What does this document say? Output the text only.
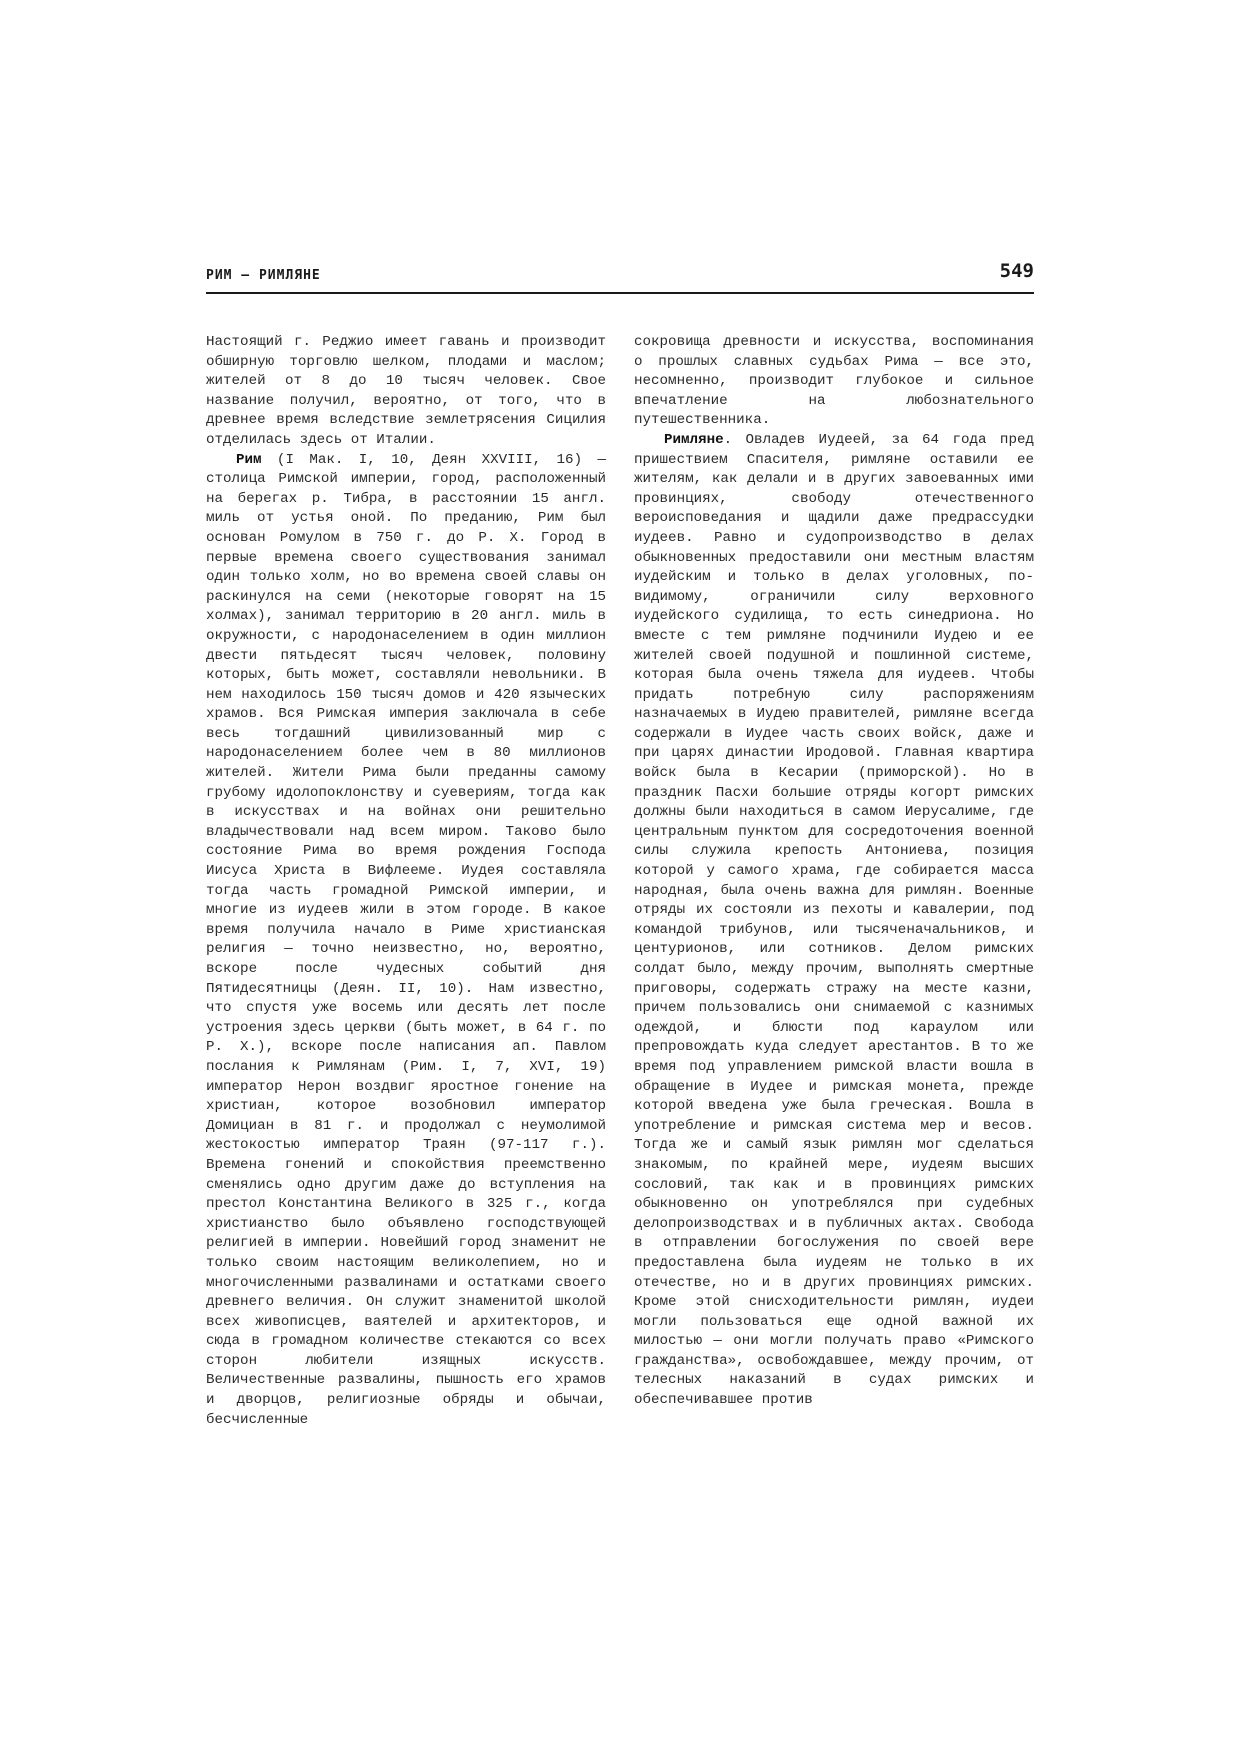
РИМ — РИМЛЯНЕ	549

Настоящий г. Реджио имеет гавань и производит обширную торговлю шелком, плодами и маслом; жителей от 8 до 10 тысяч человек. Свое название получил, вероятно, от того, что в древнее время вследствие землетрясения Сицилия отделилась здесь от Италии.

Рим (I Мак. I, 10, Деян XXVIII, 16) — столица Римской империи, город, расположенный на берегах р. Тибра, в расстоянии 15 англ. миль от устья оной. По преданию, Рим был основан Ромулом в 750 г. до Р. Х. Город в первые времена своего существования занимал один только холм, но во времена своей славы он раскинулся на семи (некоторые говорят на 15 холмах), занимал территорию в 20 англ. миль в окружности, с народонаселением в один миллион двести пятьдесят тысяч человек, половину которых, быть может, составляли невольники. В нем находилось 150 тысяч домов и 420 языческих храмов. Вся Римская империя заключала в себе весь тогдашний цивилизованный мир с народонаселением более чем в 80 миллионов жителей. Жители Рима были преданны самому грубому идолопоклонству и суевериям, тогда как в искусствах и на войнах они решительно владычествовали над всем миром. Таково было состояние Рима во время рождения Господа Иисуса Христа в Вифлееме. Иудея составляла тогда часть громадной Римской империи, и многие из иудеев жили в этом городе. В какое время получила начало в Риме христианская религия — точно неизвестно, но, вероятно, вскоре после чудесных событий дня Пятидесятницы (Деян. II, 10). Нам известно, что спустя уже восемь или десять лет после устроения здесь церкви (быть может, в 64 г. по Р. Х.), вскоре после написания ап. Павлом послания к Римлянам (Рим. I, 7, XVI, 19) император Нерон воздвиг яростное гонение на христиан, которое возобновил император Домициан в 81 г. и продолжал с неумолимой жестокостью император Траян (97-117 г.). Времена гонений и спокойствия преемственно сменялись одно другим даже до вступления на престол Константина Великого в 325 г., когда христианство было объявлено господствующей религией в империи. Новейший город знаменит не только своим настоящим великолепием, но и многочисленными развалинами и остатками своего древнего величия. Он служит знаменитой школой всех живописцев, ваятелей и архитекторов, и сюда в громадном количестве стекаются со всех сторон любители изящных искусств. Величественные развалины, пышность его храмов и дворцов, религиозные обряды и обычаи, бесчисленные

сокровища древности и искусства, воспоминания о прошлых славных судьбах Рима — все это, несомненно, производит глубокое и сильное впечатление на любознательного путешественника.

Римляне. Овладев Иудеей, за 64 года пред пришествием Спасителя, римляне оставили ее жителям, как делали и в других завоеванных ими провинциях, свободу отечественного вероисповедания и щадили даже предрассудки иудеев. Равно и судопроизводство в делах обыкновенных предоставили они местным властям иудейским и только в делах уголовных, по-видимому, ограничили силу верховного иудейского судилища, то есть синедриона. Но вместе с тем римляне подчинили Иудею и ее жителей своей подушной и пошлинной системе, которая была очень тяжела для иудеев. Чтобы придать потребную силу распоряжениям назначаемых в Иудею правителей, римляне всегда содержали в Иудее часть своих войск, даже и при царях династии Иродовой. Главная квартира войск была в Кесарии (приморской). Но в праздник Пасхи большие отряды когорт римских должны были находиться в самом Иерусалиме, где центральным пунктом для сосредоточения военной силы служила крепость Антониева, позиция которой у самого храма, где собирается масса народная, была очень важна для римлян. Военные отряды их состояли из пехоты и кавалерии, под командой трибунов, или тысяченачальников, и центурионов, или сотников. Делом римских солдат было, между прочим, выполнять смертные приговоры, содержать стражу на месте казни, причем пользовались они снимаемой с казнимых одеждой, и блюсти под караулом или препровождать куда следует арестантов. В то же время под управлением римской власти вошла в обращение в Иудее и римская монета, прежде которой введена уже была греческая. Вошла в употребление и римская система мер и весов. Тогда же и самый язык римлян мог сделаться знакомым, по крайней мере, иудеям высших сословий, так как и в провинциях римских обыкновенно он употреблялся при судебных делопроизводствах и в публичных актах. Свобода в отправлении богослужения по своей вере предоставлена была иудеям не только в их отечестве, но и в других провинциях римских. Кроме этой снисходительности римлян, иудеи могли пользоваться еще одной важной их милостью — они могли получать право «Римского гражданства», освобождавшее, между прочим, от телесных наказаний в судах римских и обеспечивавшее против
